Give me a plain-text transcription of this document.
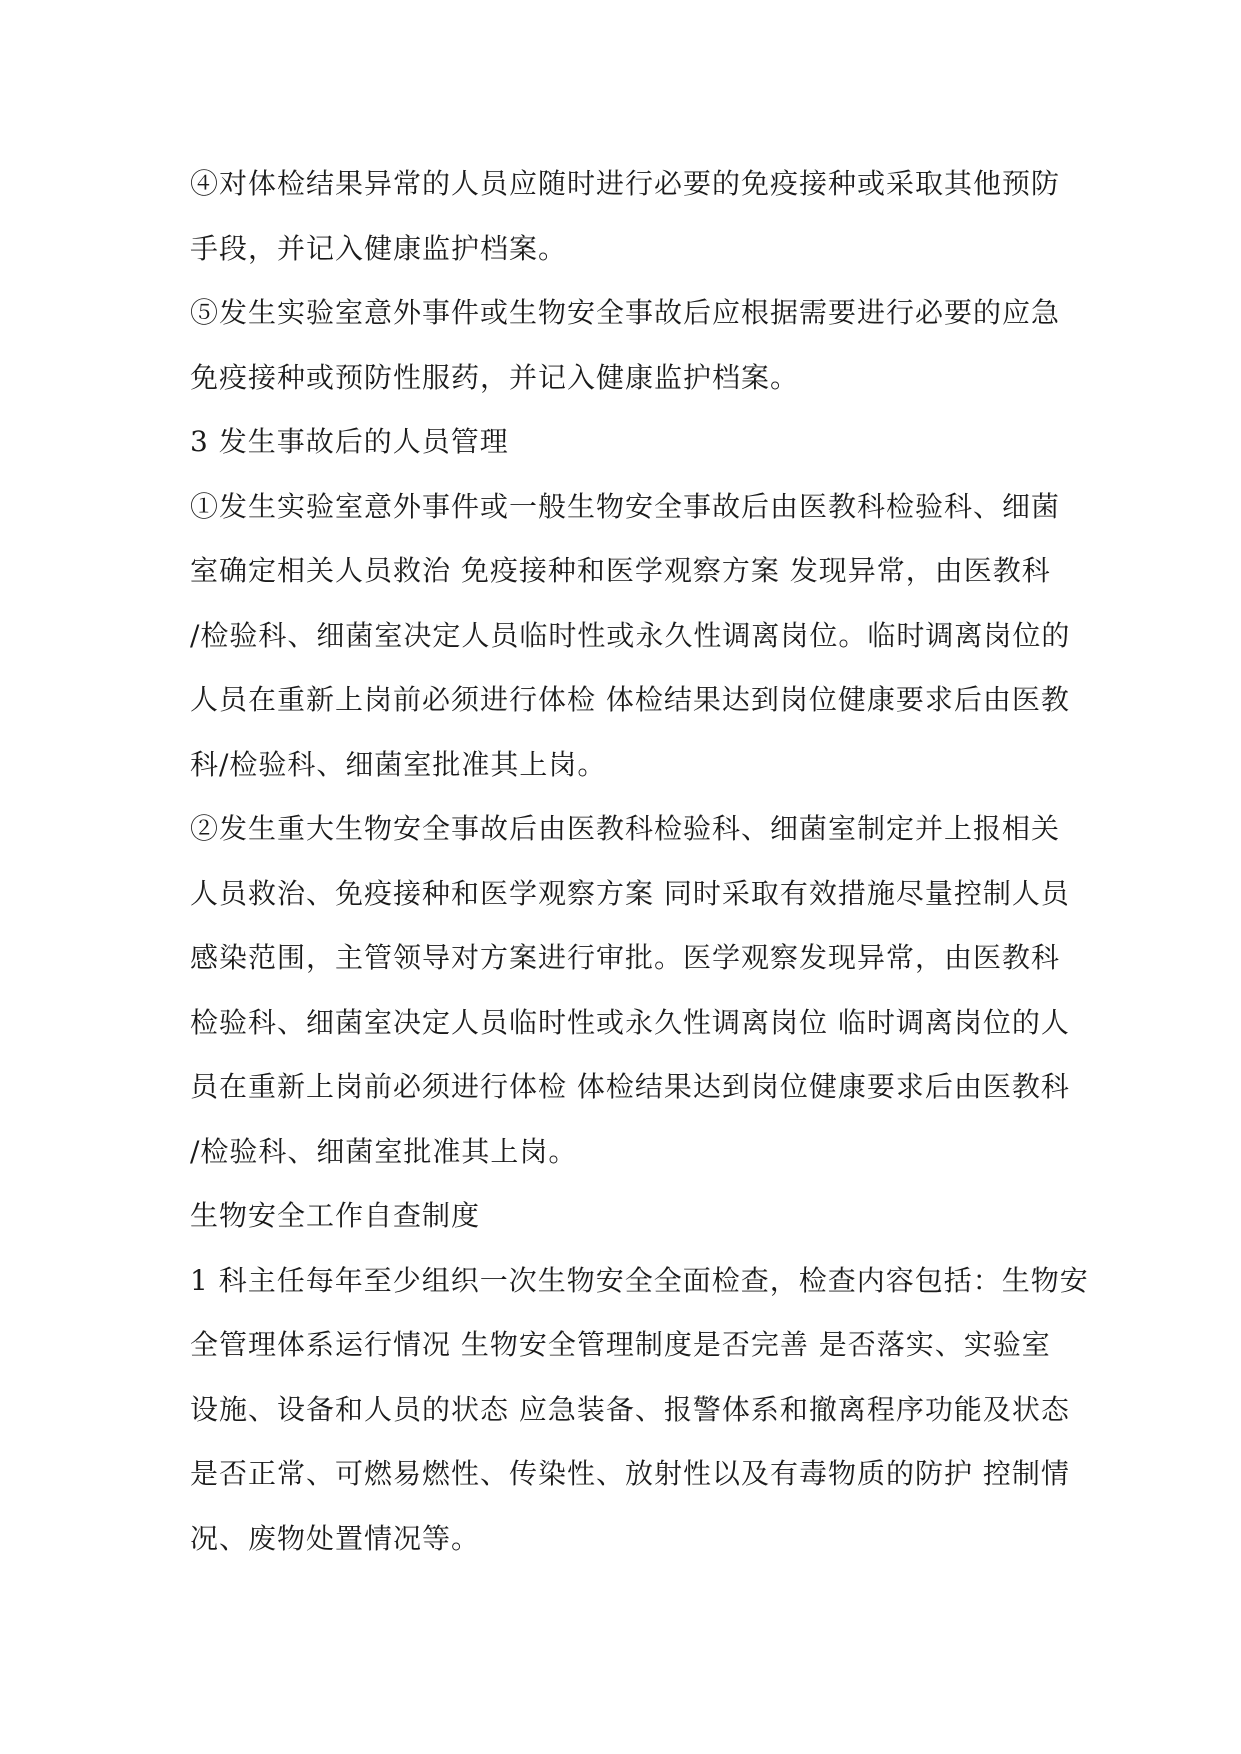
④对体检结果异常的人员应随时进行必要的免疫接种或采取其他预防
手段，并记入健康监护档案。
⑤发生实验室意外事件或生物安全事故后应根据需要进行必要的应急
免疫接种或预防性服药，并记入健康监护档案。
3 发生事故后的人员管理
①发生实验室意外事件或一般生物安全事故后由医教科检验科、细菌
室确定相关人员救治 免疫接种和医学观察方案 发现异常，由医教科
/检验科、细菌室决定人员临时性或永久性调离岗位。临时调离岗位的
人员在重新上岗前必须进行体检 体检结果达到岗位健康要求后由医教
科/检验科、细菌室批准其上岗。
②发生重大生物安全事故后由医教科检验科、细菌室制定并上报相关
人员救治、免疫接种和医学观察方案 同时采取有效措施尽量控制人员
感染范围，主管领导对方案进行审批。医学观察发现异常，由医教科
检验科、细菌室决定人员临时性或永久性调离岗位 临时调离岗位的人
员在重新上岗前必须进行体检 体检结果达到岗位健康要求后由医教科
/检验科、细菌室批准其上岗。
生物安全工作自查制度
1 科主任每年至少组织一次生物安全全面检查，检查内容包括：生物安
全管理体系运行情况 生物安全管理制度是否完善 是否落实、实验室
设施、设备和人员的状态 应急装备、报警体系和撤离程序功能及状态
是否正常、可燃易燃性、传染性、放射性以及有毒物质的防护 控制情
况、废物处置情况等。
